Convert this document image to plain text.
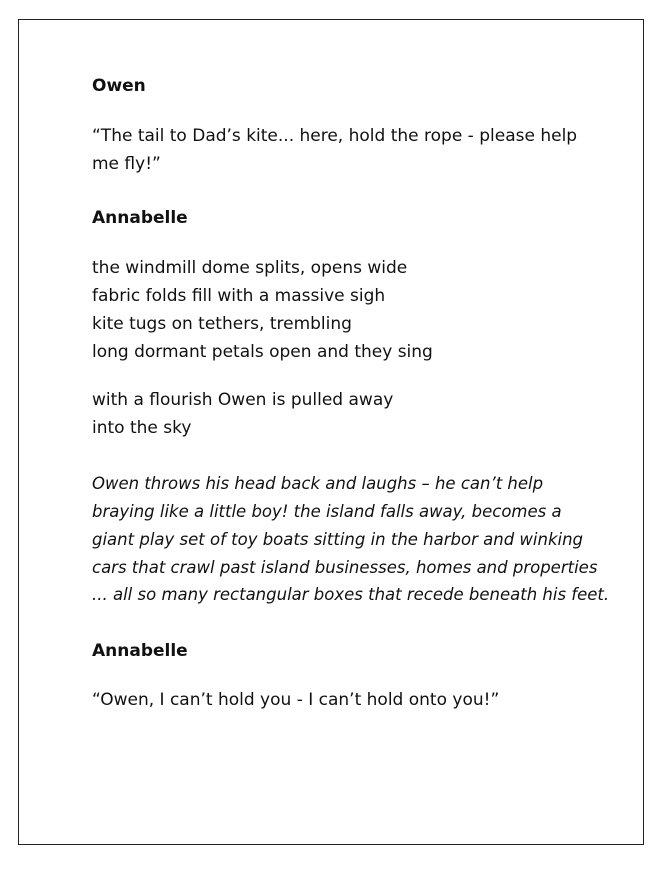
Owen
“The tail to Dad’s kite... here, hold the rope - please help
me fly!”
Annabelle
the windmill dome splits, opens wide
fabric folds fill with a massive sigh
kite tugs on tethers, trembling
long dormant petals open and they sing
with a flourish Owen is pulled away
into the sky
Owen throws his head back and laughs – he can’t help
braying like a little boy! the island falls away, becomes a
giant play set of toy boats sitting in the harbor and winking
cars that crawl past island businesses, homes and properties
... all so many rectangular boxes that recede beneath his feet.
Annabelle
“Owen, I can’t hold you - I can’t hold onto you!”
